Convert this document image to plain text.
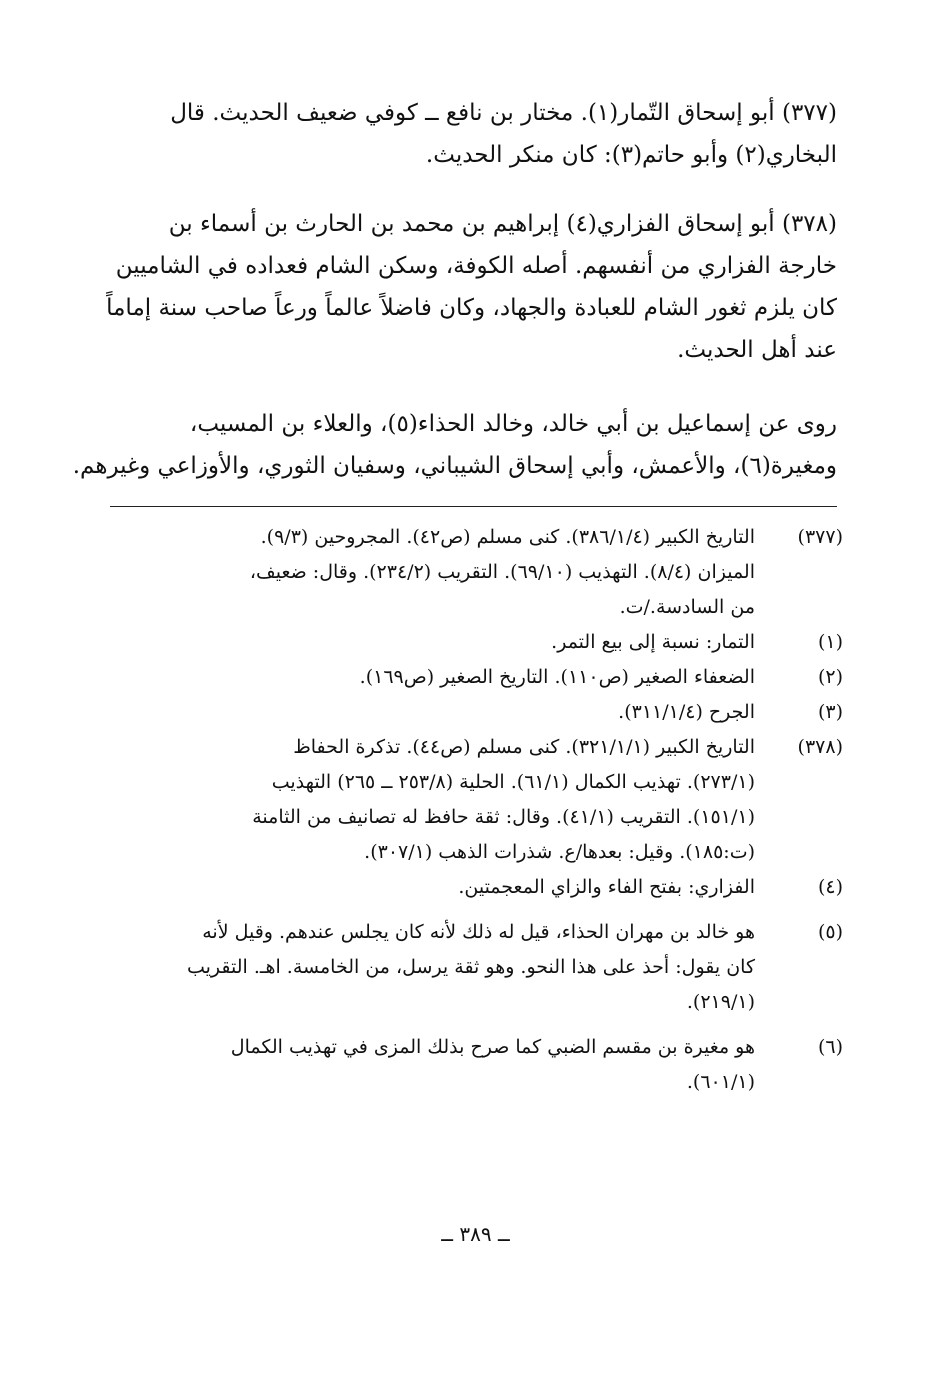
(٣٧٧) أبو إسحاق التّمار(١). مختار بن نافع ــ كوفي ضعيف الحديث. قال
البخاري(٢) وأبو حاتم(٣): كان منكر الحديث.
(٣٧٨) أبو إسحاق الفزاري(٤) إبراهيم بن محمد بن الحارث بن أسماء بن
خارجة الفزاري من أنفسهم. أصله الكوفة، وسكن الشام فعداده في الشاميين
كان يلزم ثغور الشام للعبادة والجهاد، وكان فاضلاً عالماً ورعاً صاحب سنة إماماً
عند أهل الحديث.
روى عن إسماعيل بن أبي خالد، وخالد الحذاء(٥)، والعلاء بن المسيب،
ومغيرة(٦)، والأعمش، وأبي إسحاق الشيباني، وسفيان الثوري، والأوزاعي وغيرهم.
(٣٧٧)
التاريخ الكبير (٣٨٦/١/٤). كنى مسلم (ص٤٢). المجروحين (٩/٣).
الميزان (٨/٤). التهذيب (٦٩/١٠). التقريب (٢٣٤/٢). وقال: ضعيف،
من السادسة./ت.
(١)
التمار: نسبة إلى بيع التمر.
(٢)
الضعفاء الصغير (ص١١٠). التاريخ الصغير (ص١٦٩).
(٣)
الجرح (٣١١/١/٤).
(٣٧٨)
التاريخ الكبير (٣٢١/١/١). كنى مسلم (ص٤٤). تذكرة الحفاظ
(٢٧٣/١). تهذيب الكمال (٦١/١). الحلية (٢٥٣/٨ ــ ٢٦٥) التهذيب
(١٥١/١). التقريب (٤١/١). وقال: ثقة حافظ له تصانيف من الثامنة
(ت:١٨٥). وقيل: بعدها/ع. شذرات الذهب (٣٠٧/١).
(٤)
الفزاري: بفتح الفاء والزاي المعجمتين.
(٥)
هو خالد بن مهران الحذاء، قيل له ذلك لأنه كان يجلس عندهم. وقيل لأنه
كان يقول: أحذ على هذا النحو. وهو ثقة يرسل، من الخامسة. اهـ. التقريب
(٢١٩/١).
(٦)
هو مغيرة بن مقسم الضبي كما صرح بذلك المزى في تهذيب الكمال
(٦٠١/١).
ــ ٣٨٩ ــ
